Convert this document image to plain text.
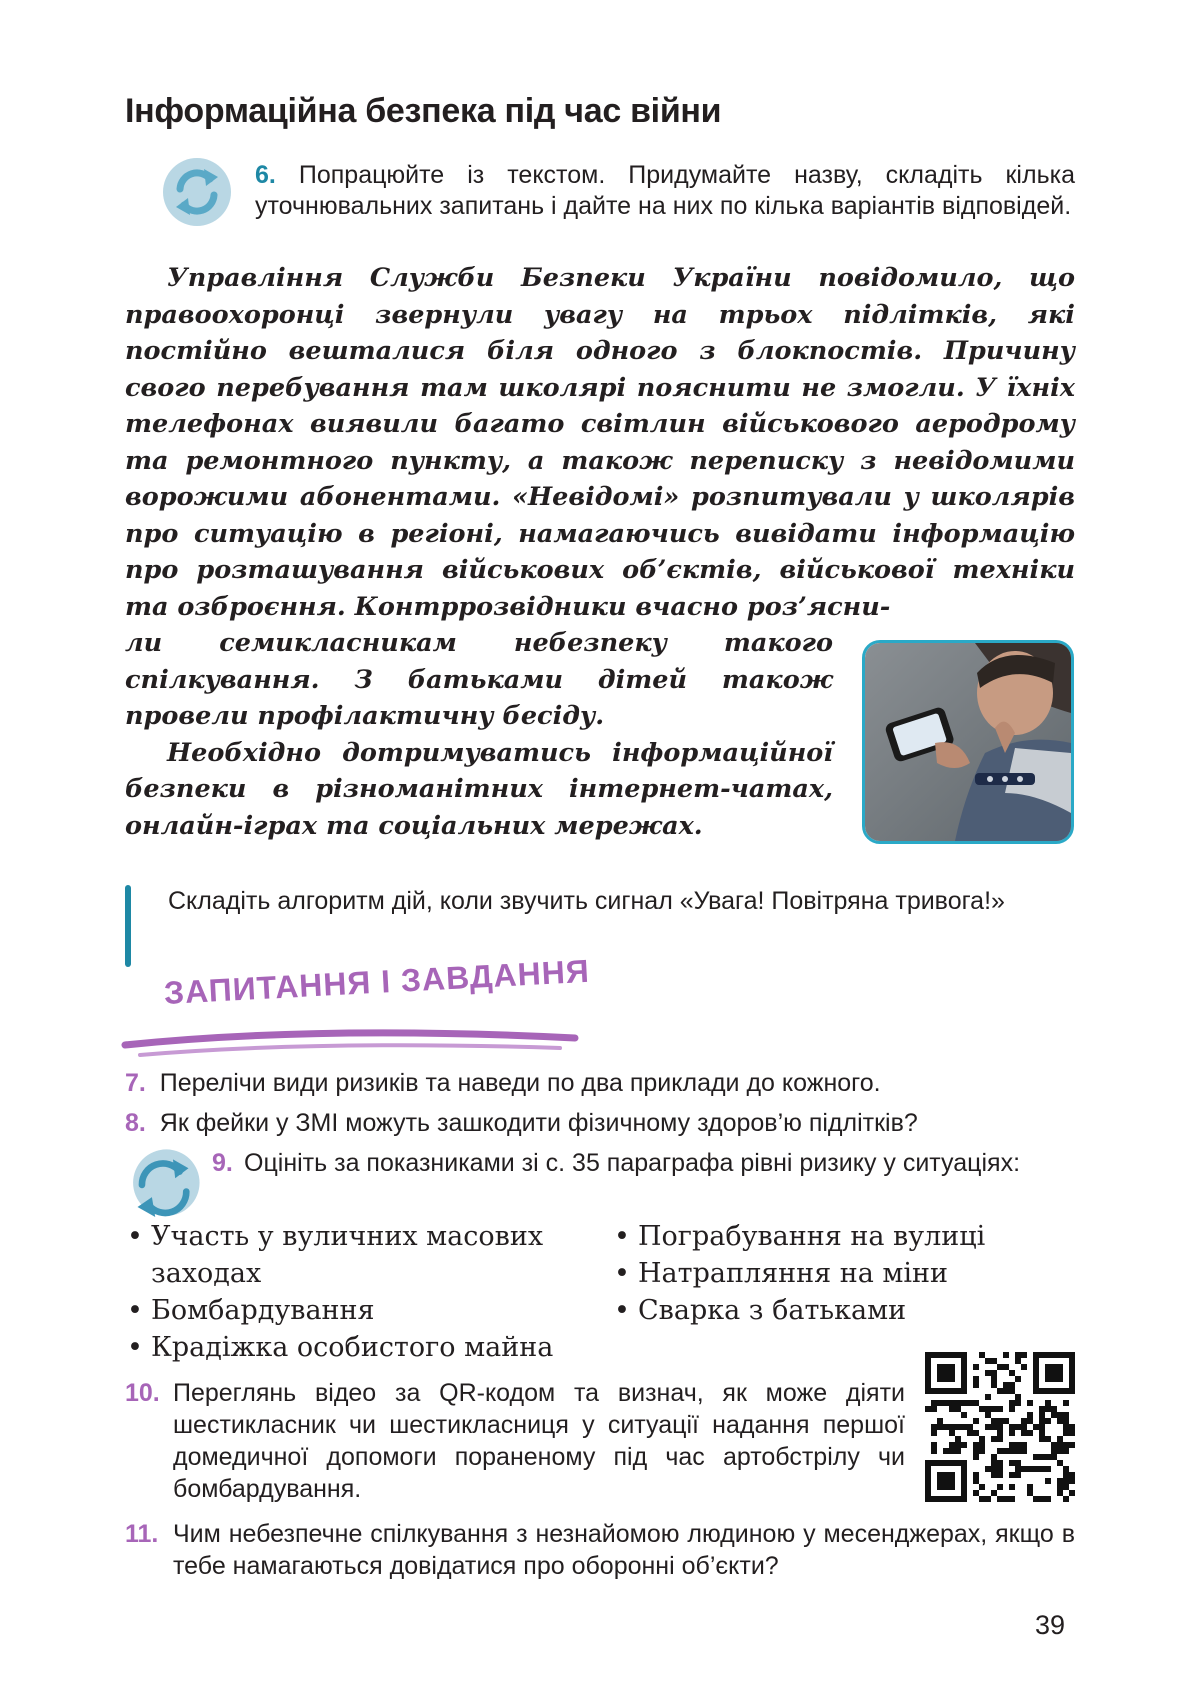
Інформаційна безпека під час війни
6. Попрацюйте із текстом. Придумайте назву, складіть кілька уточнювальних запитань і дайте на них по кілька варіантів відповідей.

Управління Служби Безпеки України повідомило, що правоохоронці звернули увагу на трьох підлітків, які постійно вешталися біля одного з блокпостів. Причину свого перебування там школярі пояснити не змогли. У їхніх телефонах виявили багато світлин військового аеродрому та ремонтного пункту, а також переписку з невідомими ворожими абонентами. «Невідомі» розпитували у школярів про ситуацію в регіоні, намагаючись вивідати інформацію про розташування військових об’єктів, військової техніки та озброєння. Контррозвідники вчасно роз’ясни-

ли семикласникам небезпеку такого спілкування. З батьками дітей також провели профілактичну бесіду.

Необхідно дотримуватись інформаційної безпеки в різноманітних інтернет-чатах, онлайн-іграх та соціальних мережах.

Складіть алгоритм дій, коли звучить сигнал «Увага! Повітряна тривога!»
ЗАПИТАННЯ І ЗАВДАННЯ
7. Перелічи види ризиків та наведи по два приклади до кожного.
8. Як фейки у ЗМІ можуть зашкодити фізичному здоров’ю підлітків?
9. Оцініть за показниками зі с. 35 параграфа рівні ризику у ситуаціях:
• Участь у вуличних масових заходах
• Бомбардування
• Крадіжка особистого майна
• Пограбування на вулиці
• Натрапляння на міни
• Сварка з батьками
10. Переглянь відео за QR-кодом та визнач, як може діяти шестикласник чи шестикласниця у ситуації надання першої домедичної допомоги пораненому під час артобстрілу чи бомбардування.
11. Чим небезпечне спілкування з незнайомою людиною у месенджерах, якщо в тебе намагаються довідатися про оборонні об’єкти?
39
